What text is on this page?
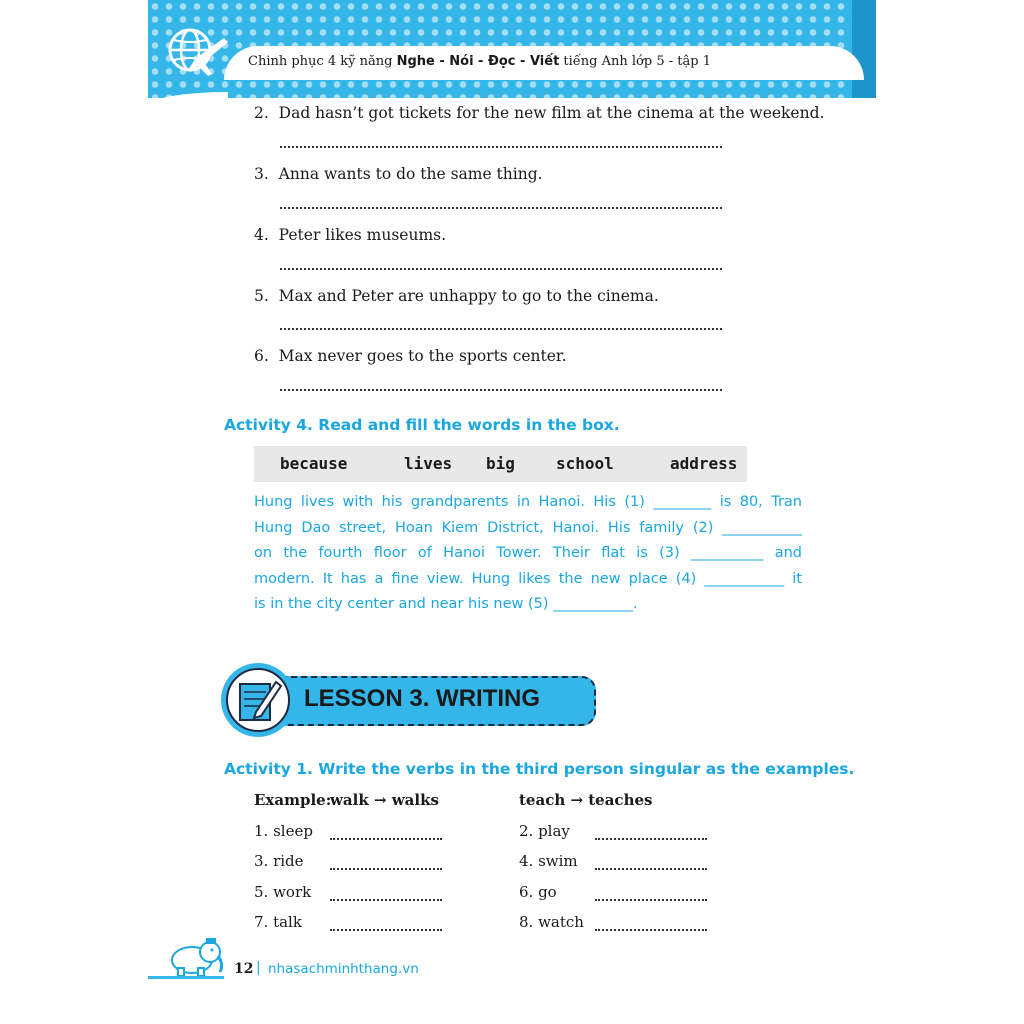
Chinh phục 4 kỹ năng Nghe - Nói - Đọc - Viết tiếng Anh lớp 5 - tập 1
2. Dad hasn’t got tickets for the new film at the cinema at the weekend.
3. Anna wants to do the same thing.
4. Peter likes museums.
5. Max and Peter are unhappy to go to the cinema.
6. Max never goes to the sports center.
Activity 4. Read and fill the words in the box.
because	lives big	school	address
Hung lives with his grandparents in Hanoi. His (1) ________ is 80, Tran
Hung Dao street, Hoan Kiem District, Hanoi. His family (2) ___________
on the fourth floor of Hanoi Tower. Their flat is (3) __________ and
modern. It has a fine view. Hung likes the new place (4) ___________ it
is in the city center and near his new (5) ___________.
LESSON 3. WRITING
Activity 1. Write the verbs in the third person singular as the examples.
Example:
walk → walks	teach → teaches
1. sleep	2. play
3. ride	4. swim
5. work	6. go
7. talk	8. watch
12 | nhasachminhthang.vn
